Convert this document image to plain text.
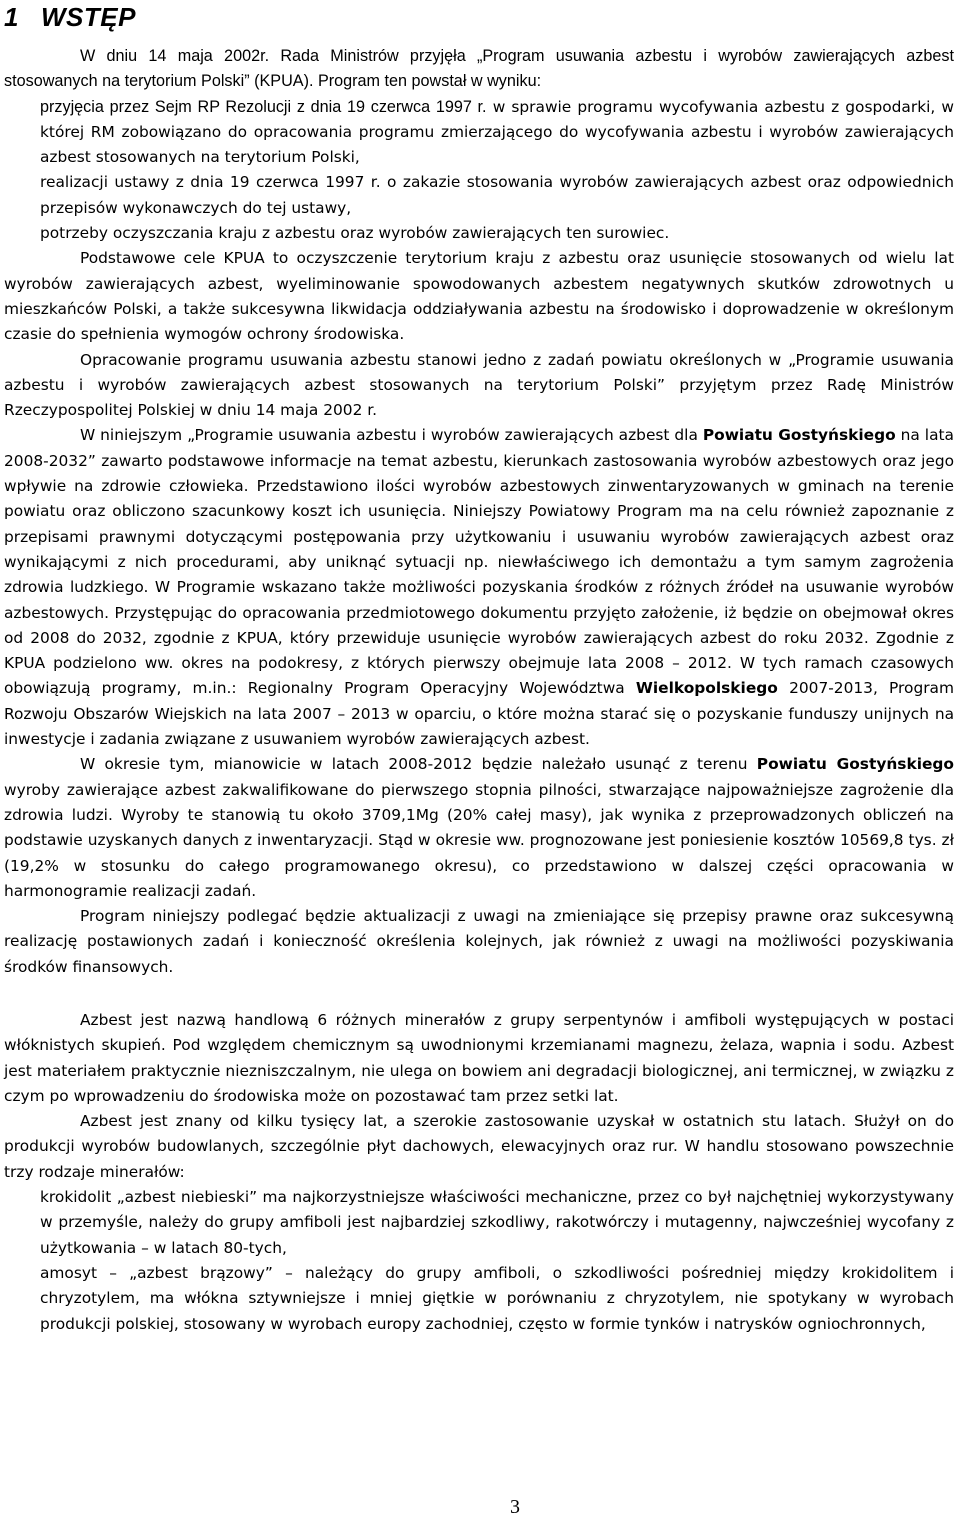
1 WSTĘP

W dniu 14 maja 2002r. Rada Ministrów przyjęła „Program usuwania azbestu i wyrobów zawierających azbest stosowanych na terytorium Polski” (KPUA). Program ten powstał w wyniku:

przyjęcia przez Sejm RP Rezolucji z dnia 19 czerwca 1997 r. w sprawie programu wycofywania azbestu z gospodarki, w której RM zobowiązano do opracowania programu zmierzającego do wycofywania azbestu i wyrobów zawierających azbest stosowanych na terytorium Polski,
realizacji ustawy z dnia 19 czerwca 1997 r. o zakazie stosowania wyrobów zawierających azbest oraz odpowiednich przepisów wykonawczych do tej ustawy,
potrzeby oczyszczania kraju z azbestu oraz wyrobów zawierających ten surowiec.

Podstawowe cele KPUA to oczyszczenie terytorium kraju z azbestu oraz usunięcie stosowanych od wielu lat wyrobów zawierających azbest, wyeliminowanie spowodowanych azbestem negatywnych skutków zdrowotnych u mieszkańców Polski, a także sukcesywna likwidacja oddziaływania azbestu na środowisko i doprowadzenie w określonym czasie do spełnienia wymogów ochrony środowiska.

Opracowanie programu usuwania azbestu stanowi jedno z zadań powiatu określonych w „Programie usuwania azbestu i wyrobów zawierających azbest stosowanych na terytorium Polski” przyjętym przez Radę Ministrów Rzeczypospolitej Polskiej w dniu 14 maja 2002 r.

W niniejszym „Programie usuwania azbestu i wyrobów zawierających azbest dla Powiatu Gostyńskiego na lata 2008-2032” zawarto podstawowe informacje na temat azbestu, kierunkach zastosowania wyrobów azbestowych oraz jego wpływie na zdrowie człowieka. Przedstawiono ilości wyrobów azbestowych zinwentaryzowanych w gminach na terenie powiatu oraz obliczono szacunkowy koszt ich usunięcia. Niniejszy Powiatowy Program ma na celu również zapoznanie z przepisami prawnymi dotyczącymi postępowania przy użytkowaniu i usuwaniu wyrobów zawierających azbest oraz wynikającymi z nich procedurami, aby uniknąć sytuacji np. niewłaściwego ich demontażu a tym samym zagrożenia zdrowia ludzkiego. W Programie wskazano także możliwości pozyskania środków z różnych źródeł na usuwanie wyrobów azbestowych. Przystępując do opracowania przedmiotowego dokumentu przyjęto założenie, iż będzie on obejmował okres od 2008 do 2032, zgodnie z KPUA, który przewiduje usunięcie wyrobów zawierających azbest do roku 2032. Zgodnie z KPUA podzielono ww. okres na podokresy, z których pierwszy obejmuje lata 2008 – 2012. W tych ramach czasowych obowiązują programy, m.in.: Regionalny Program Operacyjny Województwa Wielkopolskiego 2007-2013, Program Rozwoju Obszarów Wiejskich na lata 2007 – 2013 w oparciu, o które można starać się o pozyskanie funduszy unijnych na inwestycje i zadania związane z usuwaniem wyrobów zawierających azbest.

W okresie tym, mianowicie w latach 2008-2012 będzie należało usunąć z terenu Powiatu Gostyńskiego wyroby zawierające azbest zakwalifikowane do pierwszego stopnia pilności, stwarzające najpoważniejsze zagrożenie dla zdrowia ludzi. Wyroby te stanowią tu około 3709,1Mg (20% całej masy), jak wynika z przeprowadzonych obliczeń na podstawie uzyskanych danych z inwentaryzacji. Stąd w okresie ww. prognozowane jest poniesienie kosztów 10569,8 tys. zł (19,2% w stosunku do całego programowanego okresu), co przedstawiono w dalszej części opracowania w harmonogramie realizacji zadań.

Program niniejszy podlegać będzie aktualizacji z uwagi na zmieniające się przepisy prawne oraz sukcesywną realizację postawionych zadań i konieczność określenia kolejnych, jak również z uwagi na możliwości pozyskiwania środków finansowych.

Azbest jest nazwą handlową 6 różnych minerałów z grupy serpentynów i amfiboli występujących w postaci włóknistych skupień. Pod względem chemicznym są uwodnionymi krzemianami magnezu, żelaza, wapnia i sodu. Azbest jest materiałem praktycznie niezniszczalnym, nie ulega on bowiem ani degradacji biologicznej, ani termicznej, w związku z czym po wprowadzeniu do środowiska może on pozostawać tam przez setki lat.

Azbest jest znany od kilku tysięcy lat, a szerokie zastosowanie uzyskał w ostatnich stu latach. Służył on do produkcji wyrobów budowlanych, szczególnie płyt dachowych, elewacyjnych oraz rur. W handlu stosowano powszechnie trzy rodzaje minerałów:

krokidolit „azbest niebieski” ma najkorzystniejsze właściwości mechaniczne, przez co był najchętniej wykorzystywany w przemyśle, należy do grupy amfiboli jest najbardziej szkodliwy, rakotwórczy i mutagenny, najwcześniej wycofany z użytkowania – w latach 80-tych,
amosyt – „azbest brązowy” – należący do grupy amfiboli, o szkodliwości pośredniej między krokidolitem i chryzotylem, ma włókna sztywniejsze i mniej giętkie w porównaniu z chryzotylem, nie spotykany w wyrobach produkcji polskiej, stosowany w wyrobach europy zachodniej, często w formie tynków i natrysków ogniochronnych,
3
